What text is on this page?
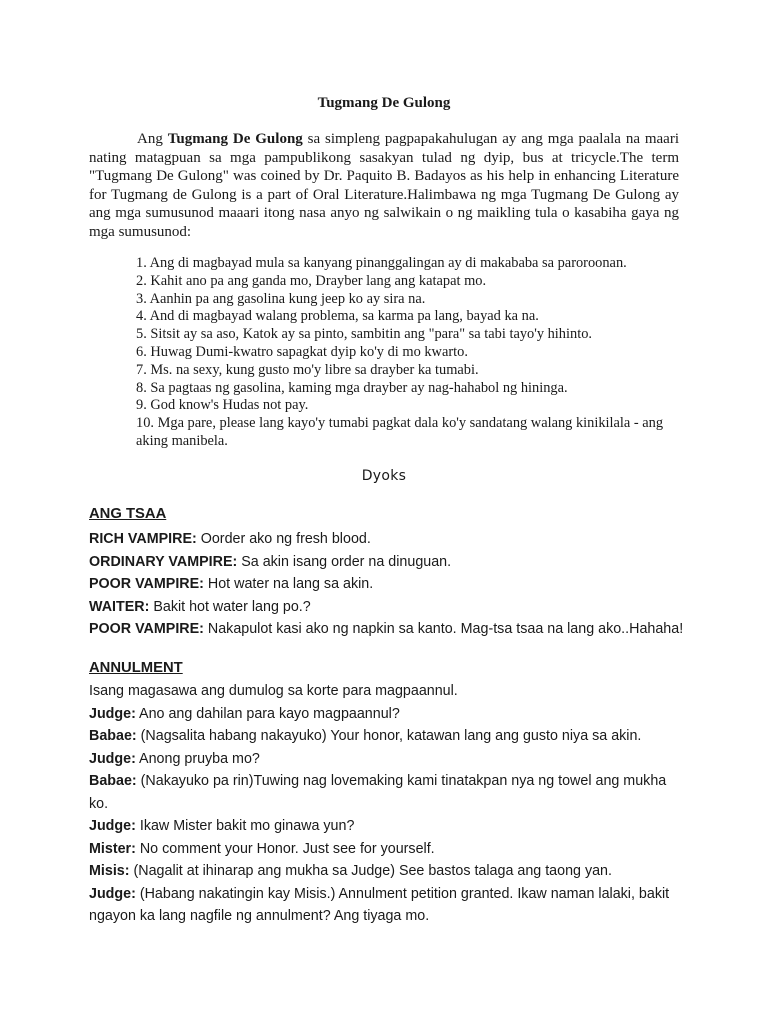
Tugmang De Gulong

Ang Tugmang De Gulong sa simpleng pagpapakahulugan ay ang mga paalala na maari nating matagpuan sa mga pampublikong sasakyan tulad ng dyip, bus at tricycle.The term "Tugmang De Gulong" was coined by Dr. Paquito B. Badayos as his help in enhancing Literature for Tugmang de Gulong is a part of Oral Literature.Halimbawa ng mga Tugmang De Gulong ay ang mga sumusunod maaari itong nasa anyo ng salwikain o ng maikling tula o kasabiha gaya ng mga sumusunod:

1. Ang di magbayad mula sa kanyang pinanggalingan ay di makababa sa paroroonan.
2. Kahit ano pa ang ganda mo, Drayber lang ang katapat mo.
3. Aanhin pa ang gasolina kung jeep ko ay sira na.
4. And di magbayad walang problema, sa karma pa lang, bayad ka na.
5. Sitsit ay sa aso, Katok ay sa pinto, sambitin ang "para" sa tabi tayo'y hihinto.
6. Huwag Dumi-kwatro sapagkat dyip ko'y di mo kwarto.
7. Ms. na sexy, kung gusto mo'y libre sa drayber ka tumabi.
8. Sa pagtaas ng gasolina, kaming mga drayber ay nag-hahabol ng hininga.
9. God know's Hudas not pay.
10. Mga pare, please lang kayo'y tumabi pagkat dala ko'y sandatang walang kinikilala - ang aking manibela.
Dyoks

ANG TSAA

RICH VAMPIRE: Oorder ako ng fresh blood.

ORDINARY VAMPIRE: Sa akin isang order na dinuguan.

POOR VAMPIRE: Hot water na lang sa akin.

WAITER: Bakit hot water lang po.?

POOR VAMPIRE: Nakapulot kasi ako ng napkin sa kanto. Mag-tsa tsaa na lang ako..Hahaha!

ANNULMENT

Isang magasawa ang dumulog sa korte para magpaannul.

Judge: Ano ang dahilan para kayo magpaannul?

Babae: (Nagsalita habang nakayuko) Your honor, katawan lang ang gusto niya sa akin.

Judge: Anong pruyba mo?

Babae: (Nakayuko pa rin)Tuwing nag lovemaking kami tinatakpan nya ng towel ang mukha ko.

Judge: Ikaw Mister bakit mo ginawa yun?

Mister: No comment your Honor. Just see for yourself.

Misis: (Nagalit at ihinarap ang mukha sa Judge) See bastos talaga ang taong yan.

Judge: (Habang nakatingin kay Misis.) Annulment petition granted. Ikaw naman lalaki, bakit ngayon ka lang nagfile ng annulment? Ang tiyaga mo.
